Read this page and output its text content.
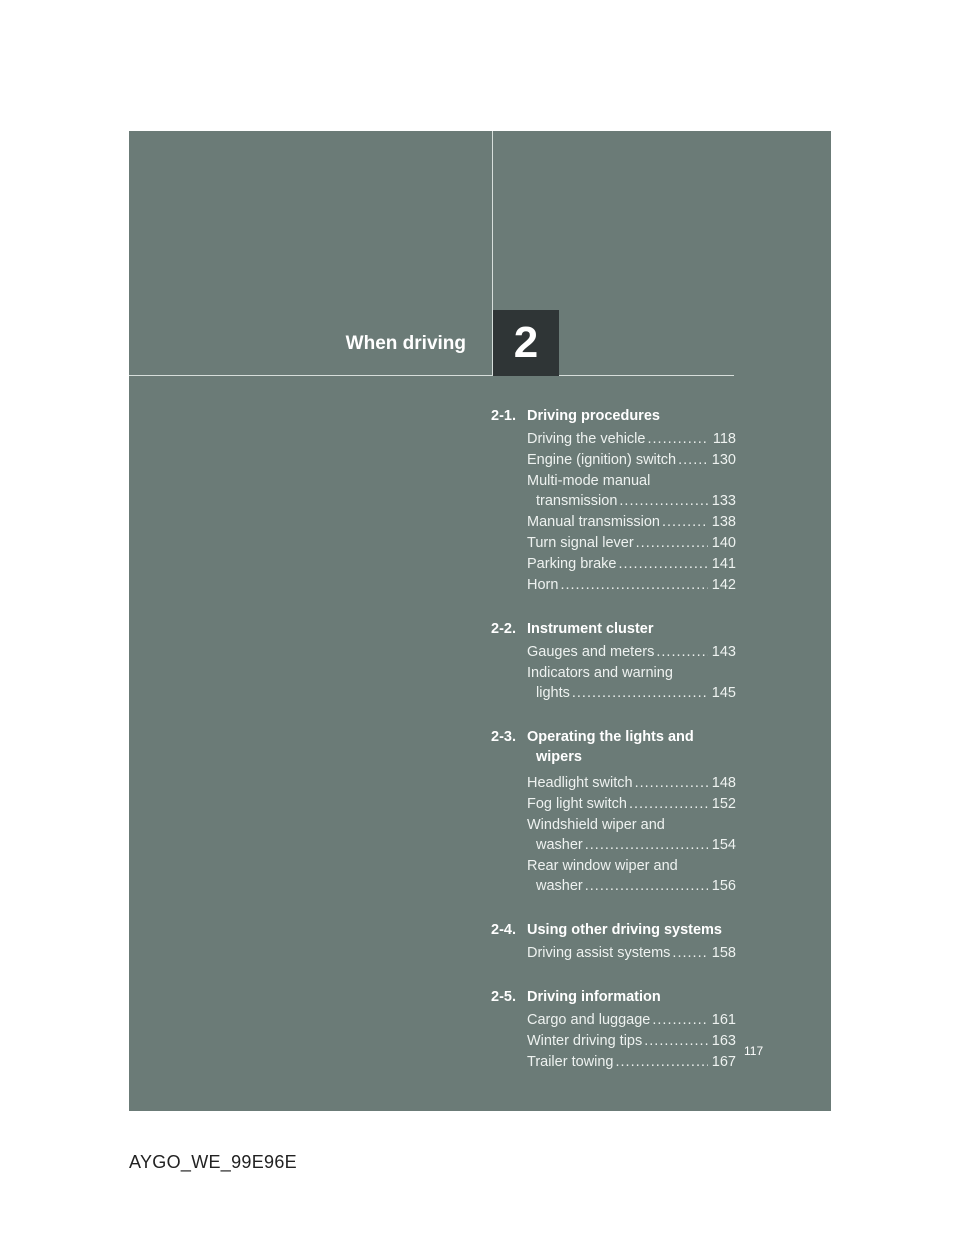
2
When driving
2-1. Driving procedures
Driving the vehicle .....	118
Engine (ignition) switch ..... 130
Multi-mode manual
transmission .....	133
Manual transmission .....	138
Turn signal lever .....	140
Parking brake .....	141
Horn .....	142
2-2. Instrument cluster
Gauges and meters .....	143
Indicators and warning
lights .....	145
2-3. Operating the lights and
wipers
Headlight switch .....	148
Fog light switch .....	152
Windshield wiper and
washer .....	154
Rear window wiper and
washer .....	156
2-4. Using other driving systems
Driving assist systems .....	158
2-5. Driving information
Cargo and luggage .....	161
Winter driving tips .....	163
Trailer towing .....	167
117
AYGO_WE_99E96E
